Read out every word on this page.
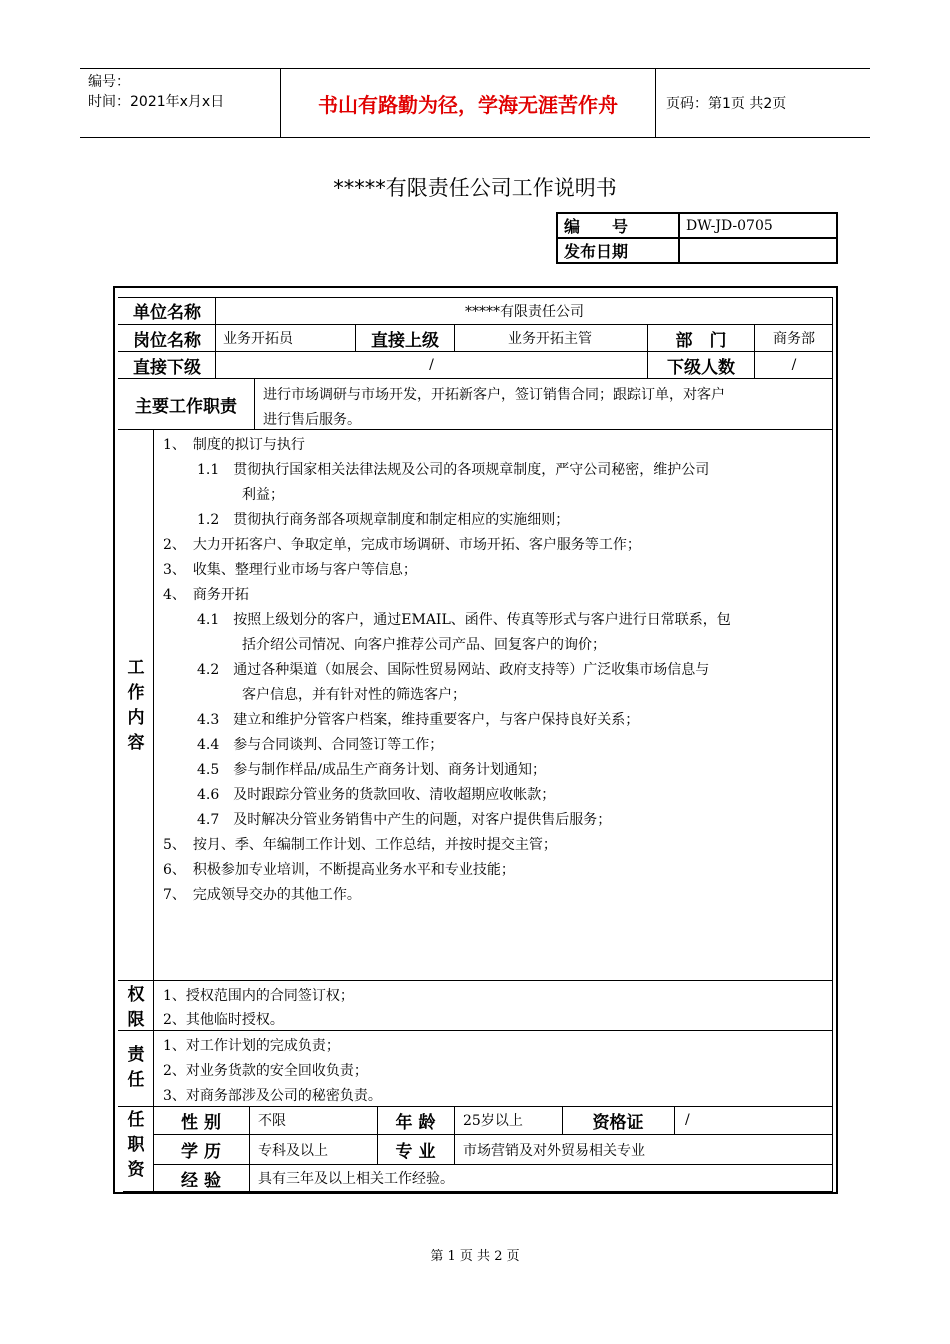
编号：
时间：2021年x月x日	书山有路勤为径，学海无涯苦作舟	页码：第1页 共2页
*****有限责任公司工作说明书
编　　号	DW-JD-0705
发布日期	
单位名称	*****有限责任公司
岗位名称	业务开拓员	直接上级	业务开拓主管	部　门	商务部
直接下级	/	下级人数	/
主要工作职责
进行市场调研与市场开发，开拓新客户，签订销售合同；跟踪订单，对客户
进行售后服务。
工
作
内
容
1、　制度的拟订与执行
1.1　贯彻执行国家相关法律法规及公司的各项规章制度，严守公司秘密，维护公司
利益；
1.2　贯彻执行商务部各项规章制度和制定相应的实施细则；
2、　大力开拓客户、争取定单，完成市场调研、市场开拓、客户服务等工作；
3、　收集、整理行业市场与客户等信息；
4、　商务开拓
4.1　按照上级划分的客户，通过EMAIL、函件、传真等形式与客户进行日常联系，包
括介绍公司情况、向客户推荐公司产品、回复客户的询价；
4.2　通过各种渠道（如展会、国际性贸易网站、政府支持等）广泛收集市场信息与
客户信息，并有针对性的筛选客户；
4.3　建立和维护分管客户档案，维持重要客户，与客户保持良好关系；
4.4　参与合同谈判、合同签订等工作；
4.5　参与制作样品/成品生产商务计划、商务计划通知；
4.6　及时跟踪分管业务的货款回收、清收超期应收帐款；
4.7　及时解决分管业务销售中产生的问题，对客户提供售后服务；
5、　按月、季、年编制工作计划、工作总结，并按时提交主管；
6、　积极参加专业培训，不断提高业务水平和专业技能；
7、　完成领导交办的其他工作。
权
限
1、授权范围内的合同签订权；
2、其他临时授权。
责
任
1、对工作计划的完成负责；
2、对业务货款的安全回收负责；
3、对商务部涉及公司的秘密负责。
任
职
资
性 别	不限	年 龄	25岁以上	资格证	/
学 历	专科及以上	专 业	市场营销及对外贸易相关专业
经 验	具有三年及以上相关工作经验。
第 1 页 共 2 页
